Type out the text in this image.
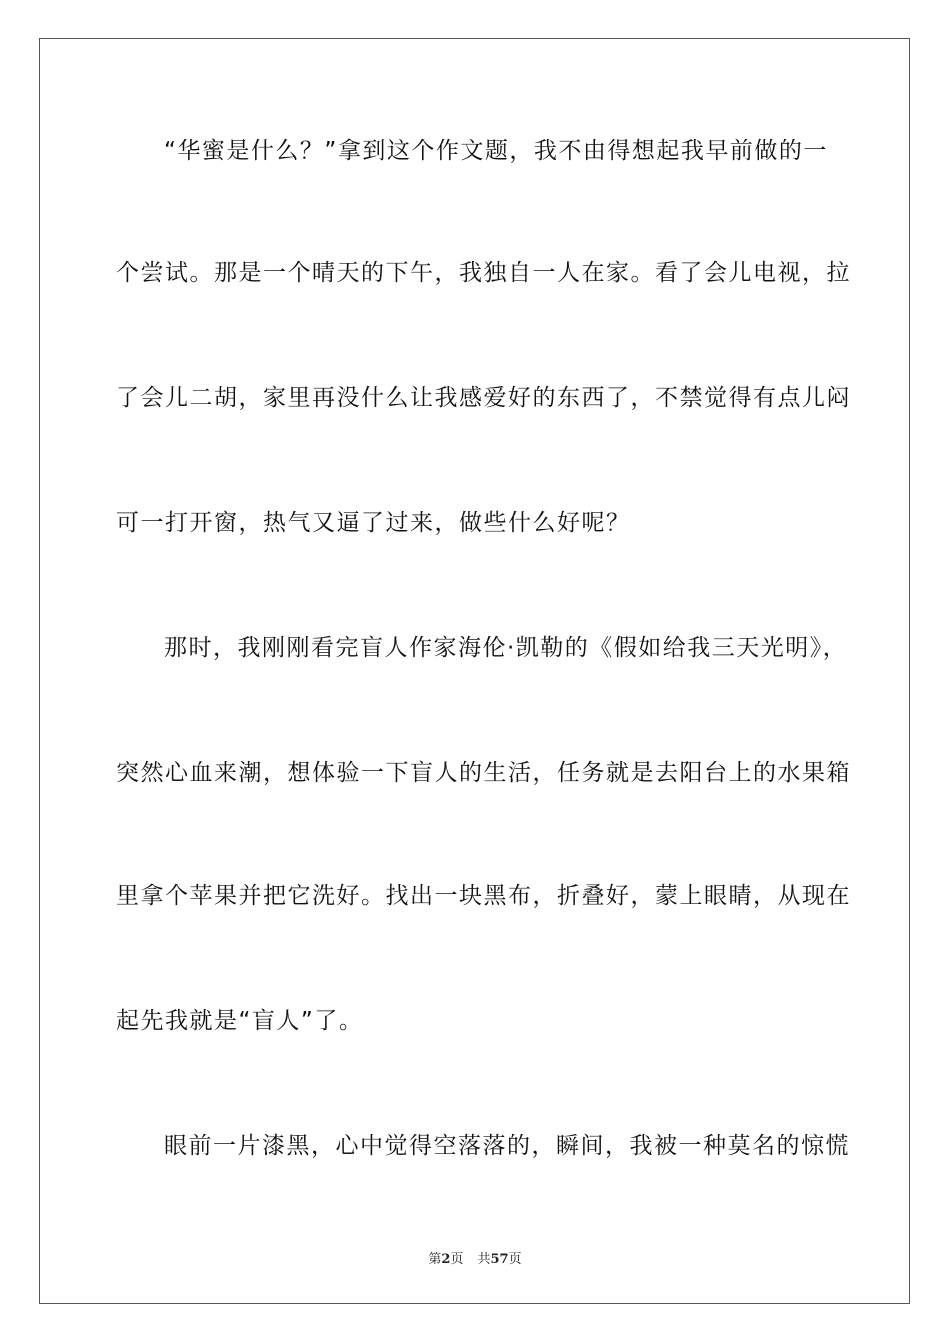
“华蜜是什么？”拿到这个作文题，我不由得想起我早前做的一
个尝试。那是一个晴天的下午，我独自一人在家。看了会儿电视，拉
了会儿二胡，家里再没什么让我感爱好的东西了，不禁觉得有点儿闷
可一打开窗，热气又逼了过来，做些什么好呢？
那时，我刚刚看完盲人作家海伦·凯勒的《假如给我三天光明》，
突然心血来潮，想体验一下盲人的生活，任务就是去阳台上的水果箱
里拿个苹果并把它洗好。找出一块黑布，折叠好，蒙上眼睛，从现在
起先我就是“盲人”了。
眼前一片漆黑，心中觉得空落落的，瞬间，我被一种莫名的惊慌
第2页 共57页
